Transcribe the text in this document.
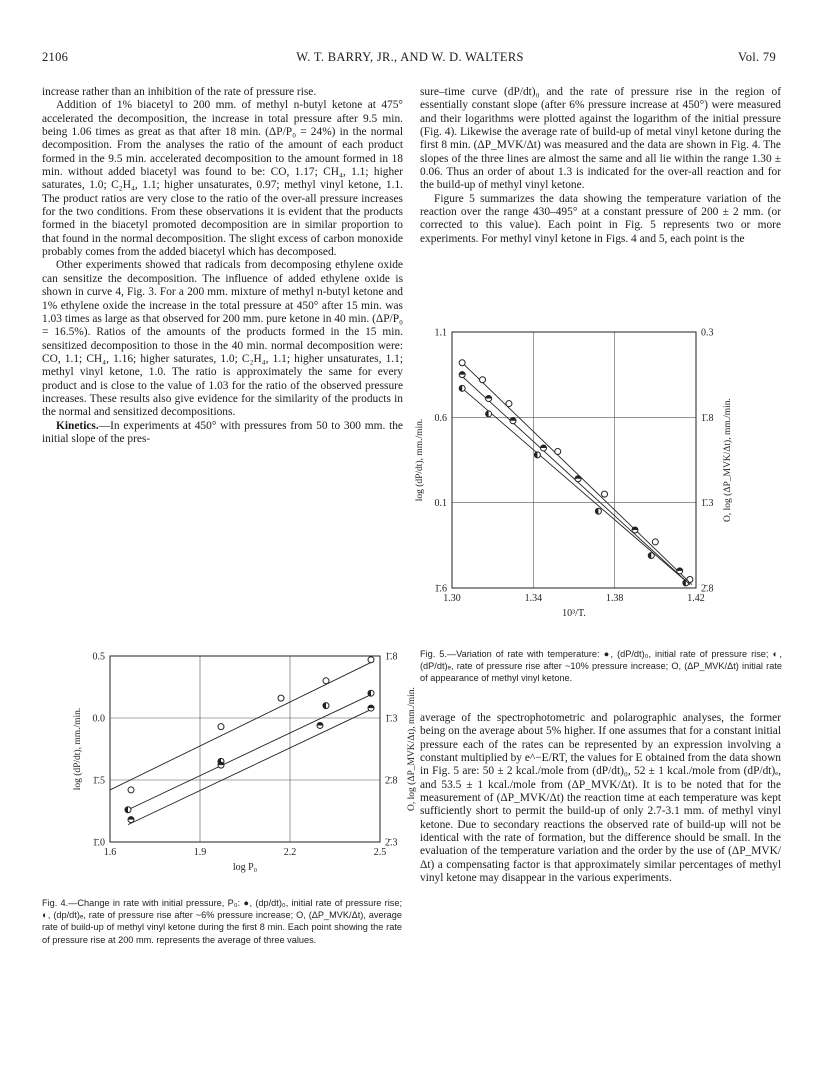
2106	W. T. BARRY, JR., AND W. D. WALTERS	Vol. 79

increase rather than an inhibition of the rate of pressure rise.

Addition of 1% biacetyl to 200 mm. of methyl n-butyl ketone at 475° accelerated the decomposition, the increase in total pressure after 9.5 min. being 1.06 times as great as that after 18 min. (ΔP/P₀ = 24%) in the normal decomposition. From the analyses the ratio of the amount of each product formed in the 9.5 min. accelerated decomposition to the amount formed in 18 min. without added biacetyl was found to be: CO, 1.17; CH₄, 1.1; higher saturates, 1.0; C₂H₄, 1.1; higher unsaturates, 0.97; methyl vinyl ketone, 1.1. The product ratios are very close to the ratio of the over-all pressure increases for the two conditions. From these observations it is evident that the products formed in the biacetyl promoted decomposition are in similar proportion to that found in the normal decomposition. The slight excess of carbon monoxide probably comes from the added biacetyl which has decomposed.

Other experiments showed that radicals from decomposing ethylene oxide can sensitize the decomposition. The influence of added ethylene oxide is shown in curve 4, Fig. 3. For a 200 mm. mixture of methyl n-butyl ketone and 1% ethylene oxide the increase in the total pressure at 450° after 15 min. was 1.03 times as large as that observed for 200 mm. pure ketone in 40 min. (ΔP/P₀ = 16.5%). Ratios of the amounts of the products formed in the 15 min. sensitized decomposition to those in the 40 min. normal decomposition were: CO, 1.1; CH₄, 1.16; higher saturates, 1.0; C₂H₄, 1.1; higher unsaturates, 1.1; methyl vinyl ketone, 1.0. The ratio is approximately the same for every product and is close to the value of 1.03 for the ratio of the observed pressure increases. These results also give evidence for the similarity of the products in the normal and sensitized decompositions.

Kinetics.—In experiments at 450° with pressures from 50 to 300 mm. the initial slope of the pres-

sure–time curve (dP/dt)₀ and the rate of pressure rise in the region of essentially constant slope (after 6% pressure increase at 450°) were measured and their logarithms were plotted against the logarithm of the initial pressure (Fig. 4). Likewise the average rate of build-up of metal vinyl ketone during the first 8 min. (ΔP_MVK/Δt) was measured and the data are shown in Fig. 4. The slopes of the three lines are almost the same and all lie within the range 1.30 ± 0.06. Thus an order of about 1.3 is indicated for the over-all reaction and for the build-up of methyl vinyl ketone.

Figure 5 summarizes the data showing the temperature variation of the reaction over the range 430–495° at a constant pressure of 200 ± 2 mm. (or corrected to this value). Each point in Fig. 5 represents two or more experiments. For methyl vinyl ketone in Figs. 4 and 5, each point is the

1.6	1.9	2.2	2.5
0.5	1̄.8
0.0	1̄.3
1̄.5	2̄.8
1̄.0	2̄.3
log P₀
log (dP/dt), mm./min.	O, log (ΔP_MVK/Δt), mm./min.
Fig. 4.—Change in rate with initial pressure, P₀: ●, (dp/dt)₀, initial rate of pressure rise; ◐, (dp/dt)ₑ, rate of pressure rise after ~6% pressure increase; O, (ΔP_MVK/Δt), average rate of build-up of methyl vinyl ketone during the first 8 min. Each point showing the rate of pressure rise at 200 mm. represents the average of three values.
1.30	1.34	1.38	1.42
1.1	0.3
0.6	1̄.8
0.1	1̄.3
1̄.6	2̄.8
10³/T.
log (dP/dt), mm./min.	O, log (ΔP_MVK/Δt), mm./min.
Fig. 5.—Variation of rate with temperature: ●, (dP/dt)₀, initial rate of pressure rise; ◐, (dP/dt)ₑ, rate of pressure rise after ~10% pressure increase; O, (ΔP_MVK/Δt) initial rate of appearance of methyl vinyl ketone.

average of the spectrophotometric and polarographic analyses, the former being on the average about 5% higher. If one assumes that for a constant initial pressure each of the rates can be represented by an expression involving a constant multiplied by e^−E/RT, the values for E obtained from the data shown in Fig. 5 are: 50 ± 2 kcal./mole from (dP/dt)₀, 52 ± 1 kcal./mole from (dP/dt)ₑ, and 53.5 ± 1 kcal./mole from (ΔP_MVK/Δt). It is to be noted that for the measurement of (ΔP_MVK/Δt) the reaction time at each temperature was kept sufficiently short to permit the build-up of only 2.7-3.1 mm. of methyl vinyl ketone. Due to secondary reactions the observed rate of build-up will not be identical with the rate of formation, but the difference should be small. In the evaluation of the temperature variation and the order by the use of (ΔP_MVK/Δt) a compensating factor is that approximately similar percentages of methyl vinyl ketone may disappear in the various experiments.
